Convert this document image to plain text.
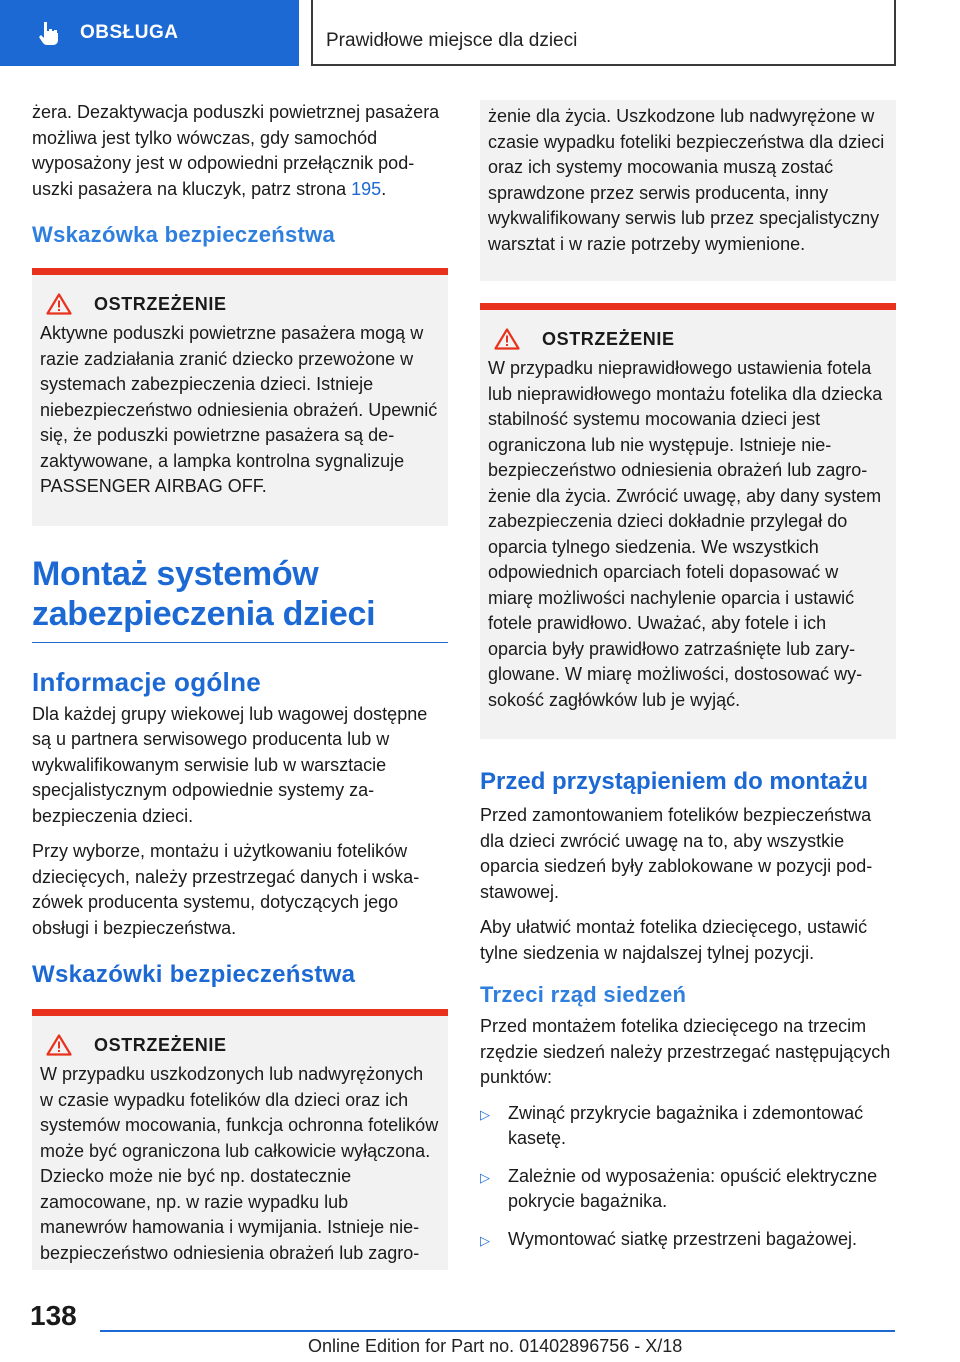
OBSŁUGA	Prawidłowe miejsce dla dzieci

żera. Dezaktywacja poduszki powietrznej pasażera możliwa jest tylko wówczas, gdy samochód wyposażony jest w odpowiedni przełącznik poduszki pasażera na kluczyk, patrz strona 195.

Wskazówka bezpieczeństwa
OSTRZEŻENIE

Aktywne poduszki powietrzne pasażera mogą w razie zadziałania zranić dziecko przewożone w systemach zabezpieczenia dzieci. Istnieje niebezpieczeństwo odniesienia obrażeń. Upewnić się, że poduszki powietrzne pasażera są dezaktywowane, a lampka kontrolna sygnalizuje PASSENGER AIRBAG OFF.

Montaż systemów zabezpieczenia dzieci
Informacje ogólne

Dla każdej grupy wiekowej lub wagowej dostępne są u partnera serwisowego producenta lub w wykwalifikowanym serwisie lub w warsztacie specjalistycznym odpowiednie systemy zabezpieczenia dzieci.

Przy wyborze, montażu i użytkowaniu fotelików dziecięcych, należy przestrzegać danych i wskazówek producenta systemu, dotyczących jego obsługi i bezpieczeństwa.

Wskazówki bezpieczeństwa
OSTRZEŻENIE

W przypadku uszkodzonych lub nadwyrężonych w czasie wypadku fotelików dla dzieci oraz ich systemów mocowania, funkcja ochronna fotelików może być ograniczona lub całkowicie wyłączona. Dziecko może nie być np. dostatecznie zamocowane, np. w razie wypadku lub manewrów hamowania i wymijania. Istnieje niebezpieczeństwo odniesienia obrażeń lub zagro-

żenie dla życia. Uszkodzone lub nadwyrężone w czasie wypadku foteliki bezpieczeństwa dla dzieci oraz ich systemy mocowania muszą zostać sprawdzone przez serwis producenta, inny wykwalifikowany serwis lub przez specjalistyczny warsztat i w razie potrzeby wymienione.

OSTRZEŻENIE

W przypadku nieprawidłowego ustawienia fotela lub nieprawidłowego montażu fotelika dla dziecka stabilność systemu mocowania dzieci jest ograniczona lub nie występuje. Istnieje niebezpieczeństwo odniesienia obrażeń lub zagrożenie dla życia. Zwrócić uwagę, aby dany system zabezpieczenia dzieci dokładnie przylegał do oparcia tylnego siedzenia. We wszystkich odpowiednich oparciach foteli dopasować w miarę możliwości nachylenie oparcia i ustawić fotele prawidłowo. Uważać, aby fotele i ich oparcia były prawidłowo zatrzaśnięte lub zaryglowane. W miarę możliwości, dostosować wysokość zagłówków lub je wyjąć.

Przed przystąpieniem do montażu

Przed zamontowaniem fotelików bezpieczeństwa dla dzieci zwrócić uwagę na to, aby wszystkie oparcia siedzeń były zablokowane w pozycji podstawowej.

Aby ułatwić montaż fotelika dziecięcego, ustawić tylne siedzenia w najdalszej tylnej pozycji.

Trzeci rząd siedzeń

Przed montażem fotelika dziecięcego na trzecim rzędzie siedzeń należy przestrzegać następujących punktów:

▷	Zwinąć przykrycie bagażnika i zdemontować kasetę.
▷	Zależnie od wyposażenia: opuścić elektryczne pokrycie bagażnika.
▷	Wymontować siatkę przestrzeni bagażowej.
138
Online Edition for Part no. 01402896756 - X/18
